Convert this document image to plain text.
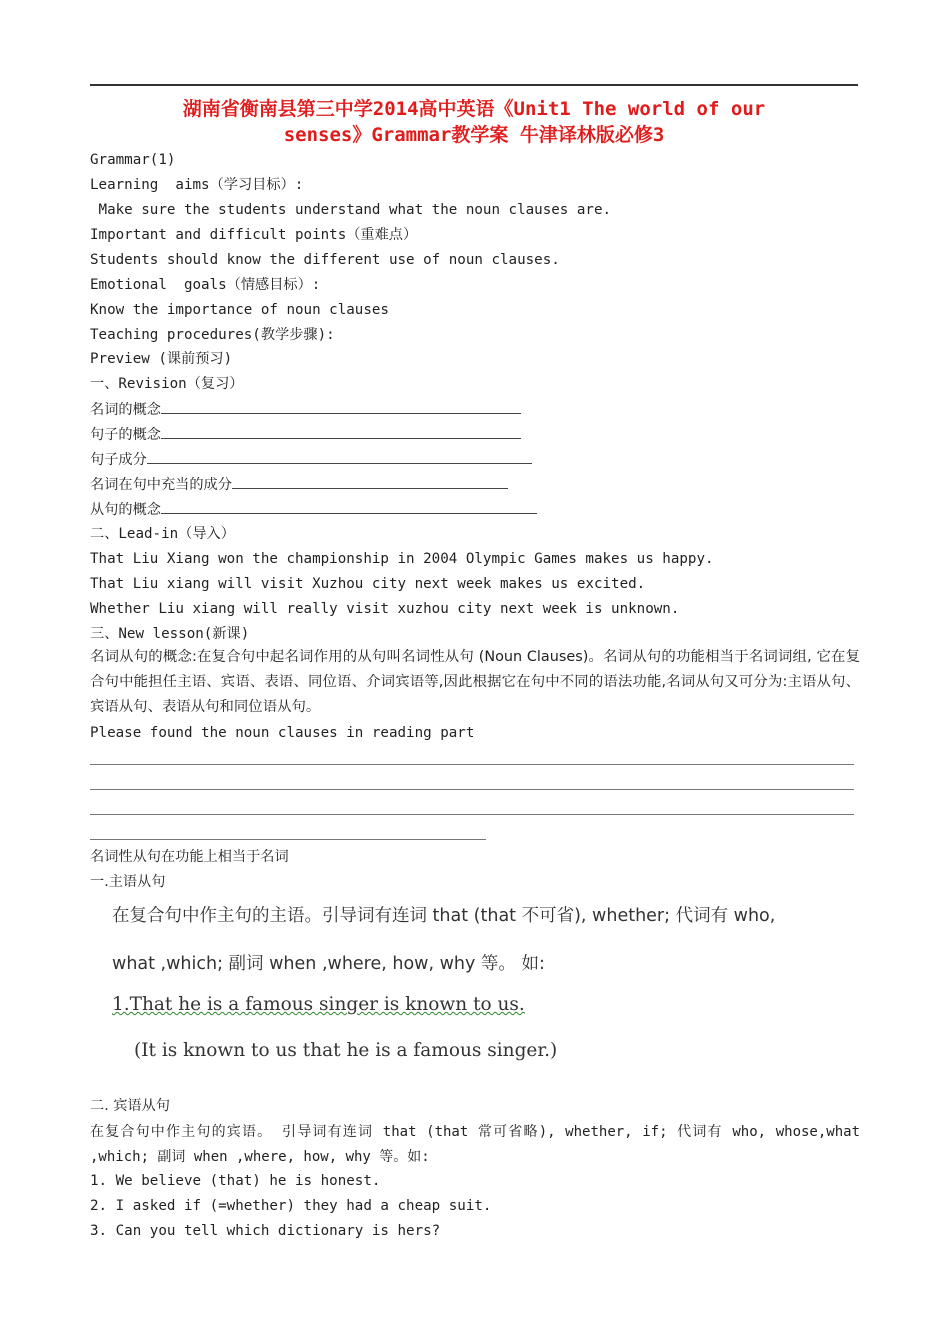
湖南省衡南县第三中学2014高中英语《Unit1 The world of our
senses》Grammar教学案 牛津译林版必修3
Grammar(1)
Learning  aims（学习目标）:
Make sure the students understand what the noun clauses are.
Important and difficult points（重难点）
Students should know the different use of noun clauses.
Emotional  goals（情感目标）:
Know the importance of noun clauses
Teaching procedures(教学步骤):
Preview (课前预习)
一、Revision（复习）
名词的概念
句子的概念
句子成分
名词在句中充当的成分
从句的概念
二、Lead-in（导入）
That Liu Xiang won the championship in 2004 Olympic Games makes us happy.
That Liu xiang will visit Xuzhou city next week makes us excited.
Whether Liu xiang will really visit xuzhou city next week is unknown.
三、New lesson(新课)
名词从句的概念:在复合句中起名词作用的从句叫名词性从句 (Noun Clauses)。名词从句的功能相当于名词词组, 它在复合句中能担任主语、宾语、表语、同位语、介词宾语等,因此根据它在句中不同的语法功能,名词从句又可分为:主语从句、宾语从句、表语从句和同位语从句。
Please found the noun clauses in reading part
名词性从句在功能上相当于名词
一.主语从句
在复合句中作主句的主语。引导词有连词 that (that 不可省), whether; 代词有 who,
what ,which; 副词 when ,where, how, why 等。 如:
1.That he is a famous singer is known to us.
(It is known to us that he is a famous singer.)
二. 宾语从句
在复合句中作主句的宾语。 引导词有连词 that (that 常可省略), whether, if; 代词有 who, whose,what ,which; 副词 when ,where, how, why 等。如:
1. We believe (that) he is honest.
2. I asked if (=whether) they had a cheap suit.
3. Can you tell which dictionary is hers?
